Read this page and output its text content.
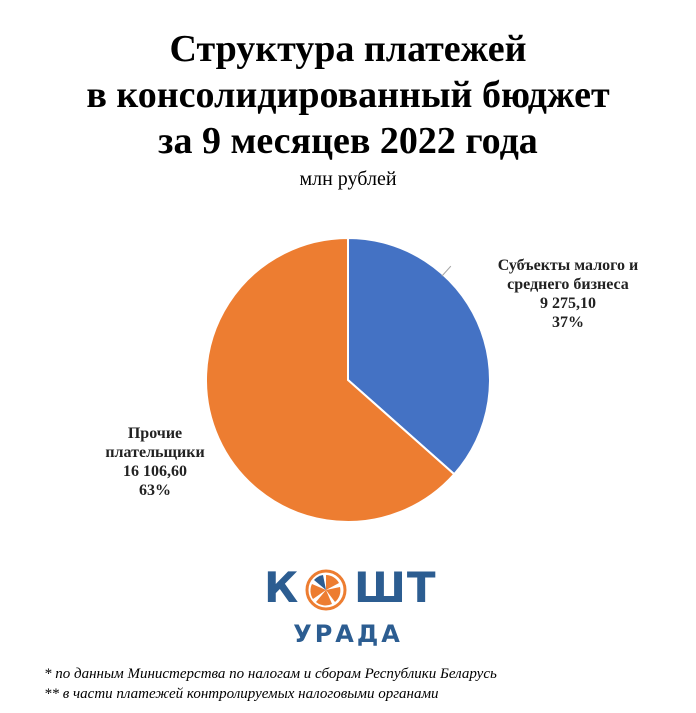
Структура платежей
в консолидированный бюджет
за 9 месяцев 2022 года
млн рублей
Субъекты малого и
среднего бизнеса
9 275,10
37%
Прочие
плательщики
16 106,60
63%
К ШТ
УРАДА
* по данным Министерства по налогам и сборам Республики Беларусь
** в части платежей контролируемых налоговыми органами
